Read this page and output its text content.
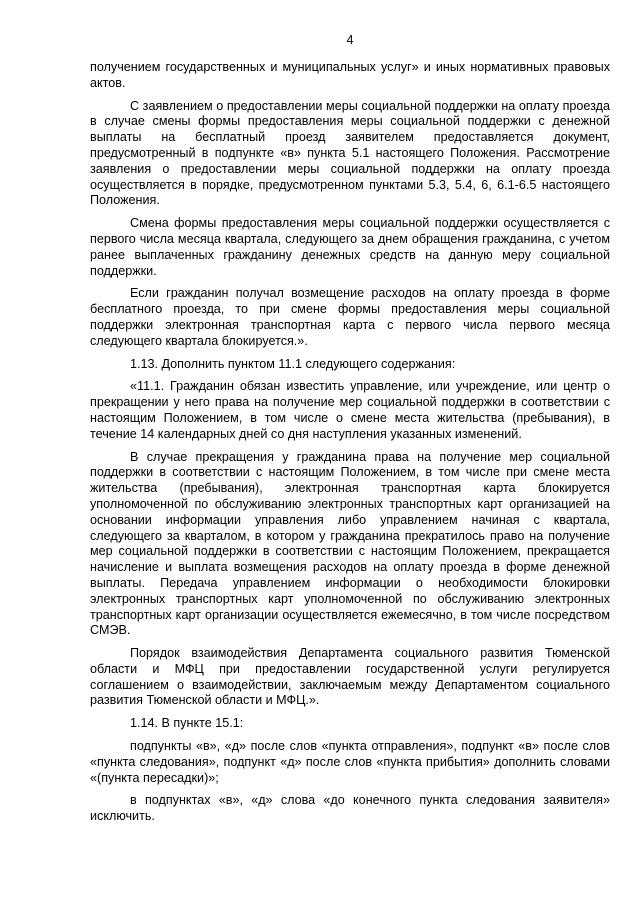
4

получением государственных и муниципальных услуг» и иных нормативных правовых актов.

С заявлением о предоставлении меры социальной поддержки на оплату проезда в случае смены формы предоставления меры социальной поддержки с денежной выплаты на бесплатный проезд заявителем предоставляется документ, предусмотренный в подпункте «в» пункта 5.1 настоящего Положения. Рассмотрение заявления о предоставлении меры социальной поддержки на оплату проезда осуществляется в порядке, предусмотренном пунктами 5.3, 5.4, 6, 6.1-6.5 настоящего Положения.

Смена формы предоставления меры социальной поддержки осуществляется с первого числа месяца квартала, следующего за днем обращения гражданина, с учетом ранее выплаченных гражданину денежных средств на данную меру социальной поддержки.

Если гражданин получал возмещение расходов на оплату проезда в форме бесплатного проезда, то при смене формы предоставления меры социальной поддержки электронная транспортная карта с первого числа первого месяца следующего квартала блокируется.».

1.13. Дополнить пунктом 11.1 следующего содержания:

«11.1. Гражданин обязан известить управление, или учреждение, или центр о прекращении у него права на получение мер социальной поддержки в соответствии с настоящим Положением, в том числе о смене места жительства (пребывания), в течение 14 календарных дней со дня наступления указанных изменений.

В случае прекращения у гражданина права на получение мер социальной поддержки в соответствии с настоящим Положением, в том числе при смене места жительства (пребывания), электронная транспортная карта блокируется уполномоченной по обслуживанию электронных транспортных карт организацией на основании информации управления либо управлением начиная с квартала, следующего за кварталом, в котором у гражданина прекратилось право на получение мер социальной поддержки в соответствии с настоящим Положением, прекращается начисление и выплата возмещения расходов на оплату проезда в форме денежной выплаты. Передача управлением информации о необходимости блокировки электронных транспортных карт уполномоченной по обслуживанию электронных транспортных карт организации осуществляется ежемесячно, в том числе посредством СМЭВ.

Порядок взаимодействия Департамента социального развития Тюменской области и МФЦ при предоставлении государственной услуги регулируется соглашением о взаимодействии, заключаемым между Департаментом социального развития Тюменской области и МФЦ.».

1.14. В пункте 15.1:

подпункты «в», «д» после слов «пункта отправления», подпункт «в» после слов «пункта следования», подпункт «д» после слов «пункта прибытия» дополнить словами «(пункта пересадки)»;

в подпунктах «в», «д» слова «до конечного пункта следования заявителя» исключить.
